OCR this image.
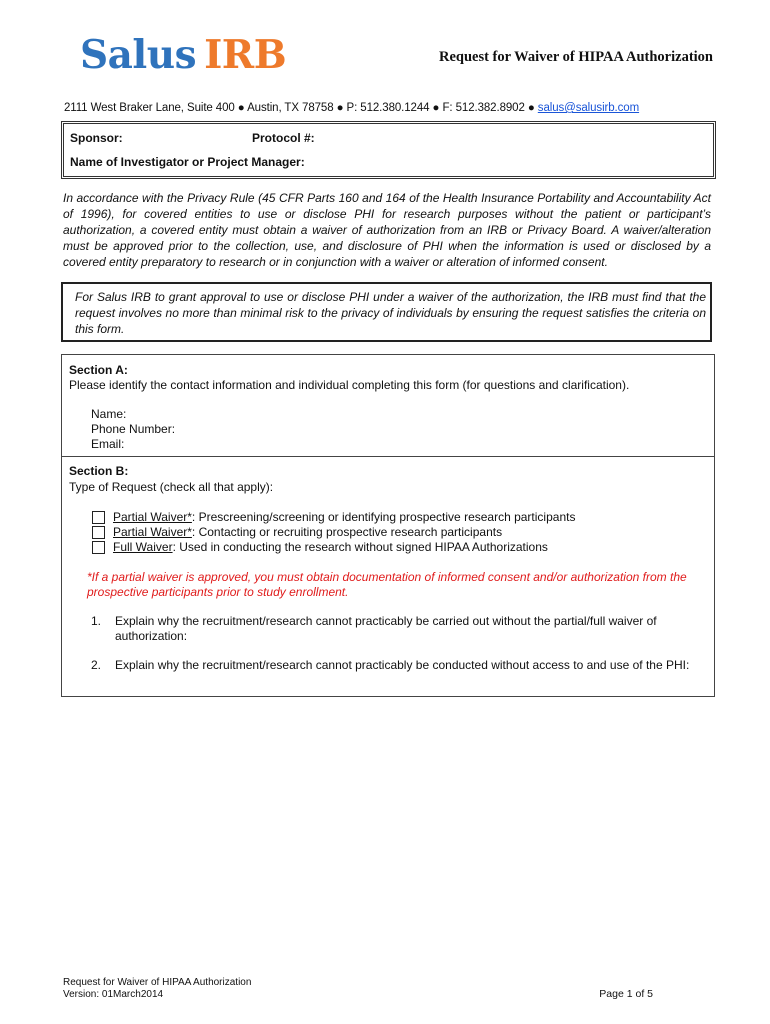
Salus IRB	Request for Waiver of HIPAA Authorization
2111 West Braker Lane, Suite 400 ● Austin, TX 78758 ● P: 512.380.1244 ● F: 512.382.8902 ● salus@salusirb.com
Sponsor:	Protocol #:
Name of Investigator or Project Manager:

In accordance with the Privacy Rule (45 CFR Parts 160 and 164 of the Health Insurance Portability and Accountability Act of 1996), for covered entities to use or disclose PHI for research purposes without the patient or participant’s authorization, a covered entity must obtain a waiver of authorization from an IRB or Privacy Board. A waiver/alteration must be approved prior to the collection, use, and disclosure of PHI when the information is used or disclosed by a covered entity preparatory to research or in conjunction with a waiver or alteration of informed consent.

For Salus IRB to grant approval to use or disclose PHI under a waiver of the authorization, the IRB must find that the request involves no more than minimal risk to the privacy of individuals by ensuring the request satisfies the criteria on this form.

Section A:
Please identify the contact information and individual completing this form (for questions and clarification).
Name:
Phone Number:
Email:
Section B:
Type of Request (check all that apply):
Partial Waiver* : Prescreening/screening or identifying prospective research participants
Partial Waiver* : Contacting or recruiting prospective research participants
Full Waiver : Used in conducting the research without signed HIPAA Authorizations
*If a partial waiver is approved, you must obtain documentation of informed consent and/or authorization from the prospective participants prior to study enrollment.
1.	Explain why the recruitment/research cannot practicably be carried out without the partial/full waiver of authorization:
2.	Explain why the recruitment/research cannot practicably be conducted without access to and use of the PHI:
Request for Waiver of HIPAA Authorization
Version: 01March2014	Page 1 of 5
